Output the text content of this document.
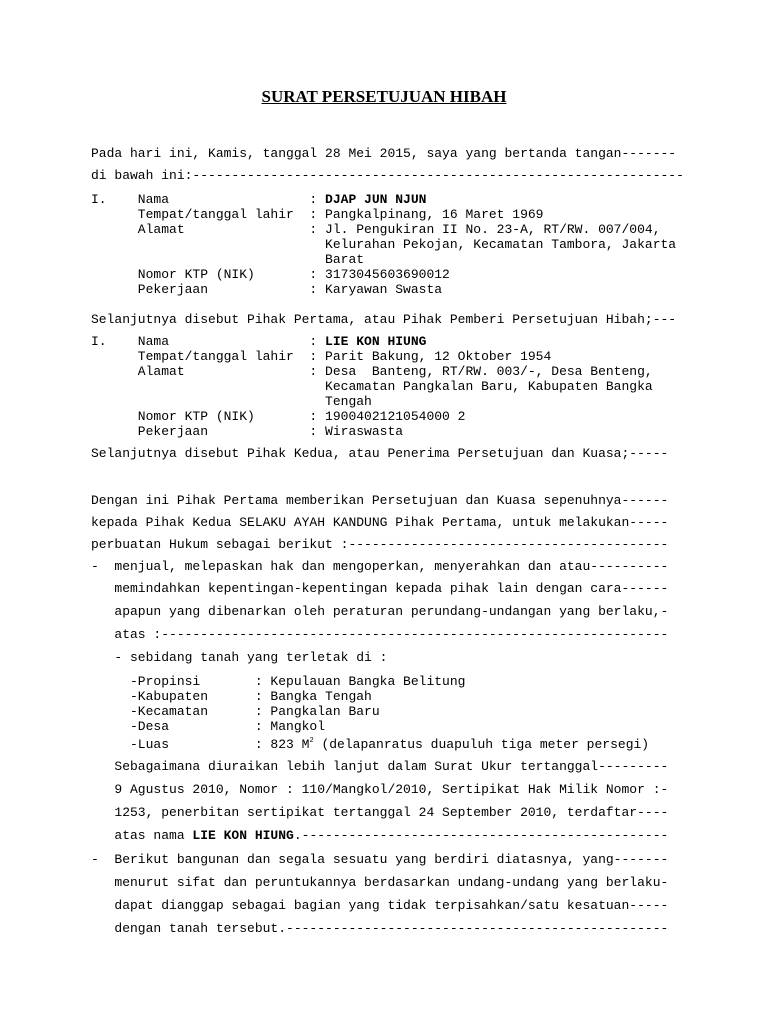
SURAT PERSETUJUAN HIBAH
Pada hari ini, Kamis, tanggal 28 Mei 2015, saya yang bertanda tangan-------
di bawah ini:---------------------------------------------------------------
I.    Nama                  : DJAP JUN NJUN
Tempat/tanggal lahir  : Pangkalpinang, 16 Maret 1969
Alamat                : Jl. Pengukiran II No. 23-A, RT/RW. 007/004,
Kelurahan Pekojan, Kecamatan Tambora, Jakarta
Barat
Nomor KTP (NIK)       : 3173045603690012
Pekerjaan             : Karyawan Swasta
Selanjutnya disebut Pihak Pertama, atau Pihak Pemberi Persetujuan Hibah;---
I.    Nama                  : LIE KON HIUNG
Tempat/tanggal lahir  : Parit Bakung, 12 Oktober 1954
Alamat                : Desa  Banteng, RT/RW. 003/-, Desa Benteng,
Kecamatan Pangkalan Baru, Kabupaten Bangka
Tengah
Nomor KTP (NIK)       : 1900402121054000 2
Pekerjaan             : Wiraswasta
Selanjutnya disebut Pihak Kedua, atau Penerima Persetujuan dan Kuasa;-----
Dengan ini Pihak Pertama memberikan Persetujuan dan Kuasa sepenuhnya------
kepada Pihak Kedua SELAKU AYAH KANDUNG Pihak Pertama, untuk melakukan-----
perbuatan Hukum sebagai berikut :-----------------------------------------
-  menjual, melepaskan hak dan mengoperkan, menyerahkan dan atau----------
memindahkan kepentingan-kepentingan kepada pihak lain dengan cara------
apapun yang dibenarkan oleh peraturan perundang-undangan yang berlaku,-
atas :-----------------------------------------------------------------
- sebidang tanah yang terletak di :
-Propinsi       : Kepulauan Bangka Belitung
-Kabupaten      : Bangka Tengah
-Kecamatan      : Pangkalan Baru
-Desa           : Mangkol
-Luas           : 823 $M^2$ (delapanratus duapuluh tiga meter persegi)
Sebagaimana diuraikan lebih lanjut dalam Surat Ukur tertanggal---------
9 Agustus 2010, Nomor : 110/Mangkol/2010, Sertipikat Hak Milik Nomor :-
1253, penerbitan sertipikat tertanggal 24 September 2010, terdaftar----
atas nama LIE KON HIUNG.-----------------------------------------------
-  Berikut bangunan dan segala sesuatu yang berdiri diatasnya, yang-------
menurut sifat dan peruntukannya berdasarkan undang-undang yang berlaku-
dapat dianggap sebagai bagian yang tidak terpisahkan/satu kesatuan-----
dengan tanah tersebut.-------------------------------------------------
